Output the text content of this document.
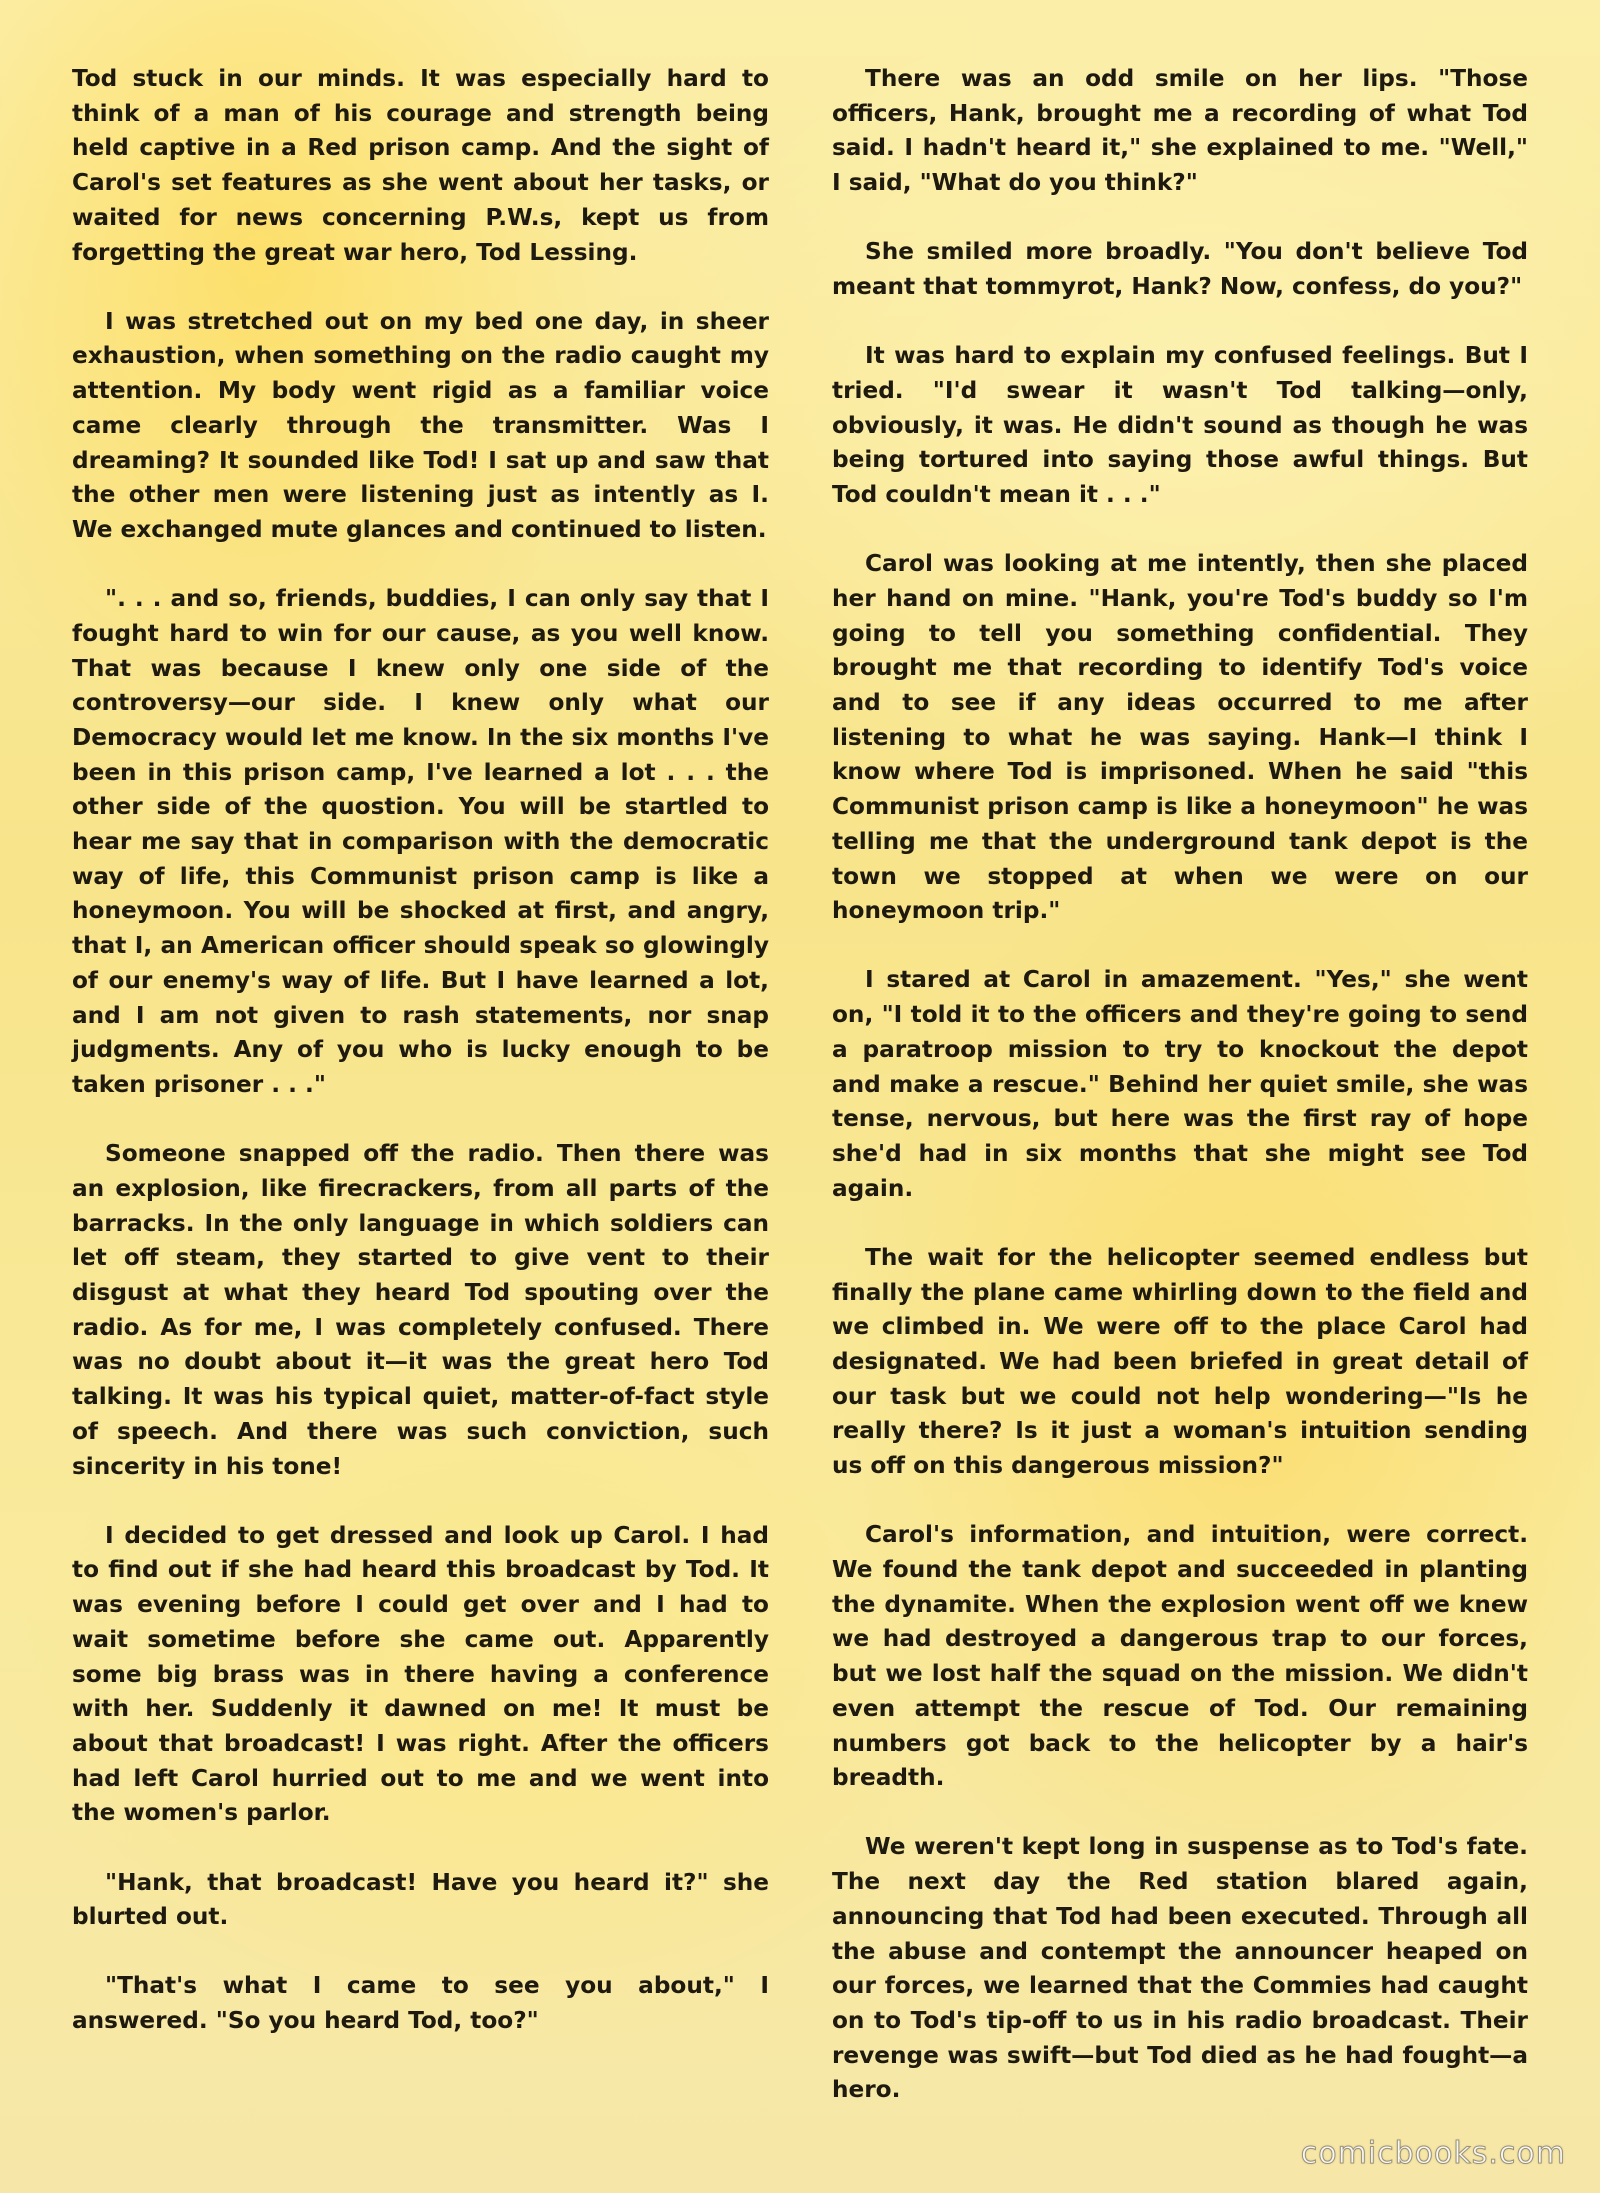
Tod stuck in our minds. It was especially hard to think of a man of his courage and strength being held captive in a Red prison camp. And the sight of Carol's set features as she went about her tasks, or waited for news concerning P.W.s, kept us from forgetting the great war hero, Tod Lessing.

I was stretched out on my bed one day, in sheer exhaustion, when something on the radio caught my attention. My body went rigid as a familiar voice came clearly through the transmitter. Was I dreaming? It sounded like Tod! I sat up and saw that the other men were listening just as intently as I. We exchanged mute glances and continued to listen.

". . . and so, friends, buddies, I can only say that I fought hard to win for our cause, as you well know. That was because I knew only one side of the controversy—our side. I knew only what our Democracy would let me know. In the six months I've been in this prison camp, I've learned a lot . . . the other side of the quostion. You will be startled to hear me say that in comparison with the democratic way of life, this Communist prison camp is like a honeymoon. You will be shocked at first, and angry, that I, an American officer should speak so glowingly of our enemy's way of life. But I have learned a lot, and I am not given to rash statements, nor snap judgments. Any of you who is lucky enough to be taken prisoner . . ."

Someone snapped off the radio. Then there was an explosion, like firecrackers, from all parts of the barracks. In the only language in which soldiers can let off steam, they started to give vent to their disgust at what they heard Tod spouting over the radio. As for me, I was completely confused. There was no doubt about it—it was the great hero Tod talking. It was his typical quiet, matter-of-fact style of speech. And there was such conviction, such sincerity in his tone!

I decided to get dressed and look up Carol. I had to find out if she had heard this broadcast by Tod. It was evening before I could get over and I had to wait sometime before she came out. Apparently some big brass was in there having a conference with her. Suddenly it dawned on me! It must be about that broadcast! I was right. After the officers had left Carol hurried out to me and we went into the women's parlor.

"Hank, that broadcast! Have you heard it?" she blurted out.

"That's what I came to see you about," I answered. "So you heard Tod, too?"

There was an odd smile on her lips. "Those officers, Hank, brought me a recording of what Tod said. I hadn't heard it," she explained to me. "Well," I said, "What do you think?"

She smiled more broadly. "You don't believe Tod meant that tommyrot, Hank? Now, confess, do you?"

It was hard to explain my confused feelings. But I tried. "I'd swear it wasn't Tod talking—only, obviously, it was. He didn't sound as though he was being tortured into saying those awful things. But Tod couldn't mean it . . ."

Carol was looking at me intently, then she placed her hand on mine. "Hank, you're Tod's buddy so I'm going to tell you something confidential. They brought me that recording to identify Tod's voice and to see if any ideas occurred to me after listening to what he was saying. Hank—I think I know where Tod is imprisoned. When he said "this Communist prison camp is like a honeymoon" he was telling me that the underground tank depot is the town we stopped at when we were on our honeymoon trip."

I stared at Carol in amazement. "Yes," she went on, "I told it to the officers and they're going to send a paratroop mission to try to knockout the depot and make a rescue." Behind her quiet smile, she was tense, nervous, but here was the first ray of hope she'd had in six months that she might see Tod again.

The wait for the helicopter seemed endless but finally the plane came whirling down to the field and we climbed in. We were off to the place Carol had designated. We had been briefed in great detail of our task but we could not help wondering—"Is he really there? Is it just a woman's intuition sending us off on this dangerous mission?"

Carol's information, and intuition, were correct. We found the tank depot and succeeded in planting the dynamite. When the explosion went off we knew we had destroyed a dangerous trap to our forces, but we lost half the squad on the mission. We didn't even attempt the rescue of Tod. Our remaining numbers got back to the helicopter by a hair's breadth.

We weren't kept long in suspense as to Tod's fate. The next day the Red station blared again, announcing that Tod had been executed. Through all the abuse and contempt the announcer heaped on our forces, we learned that the Commies had caught on to Tod's tip-off to us in his radio broadcast. Their revenge was swift—but Tod died as he had fought—a hero.

comicbooks.com
